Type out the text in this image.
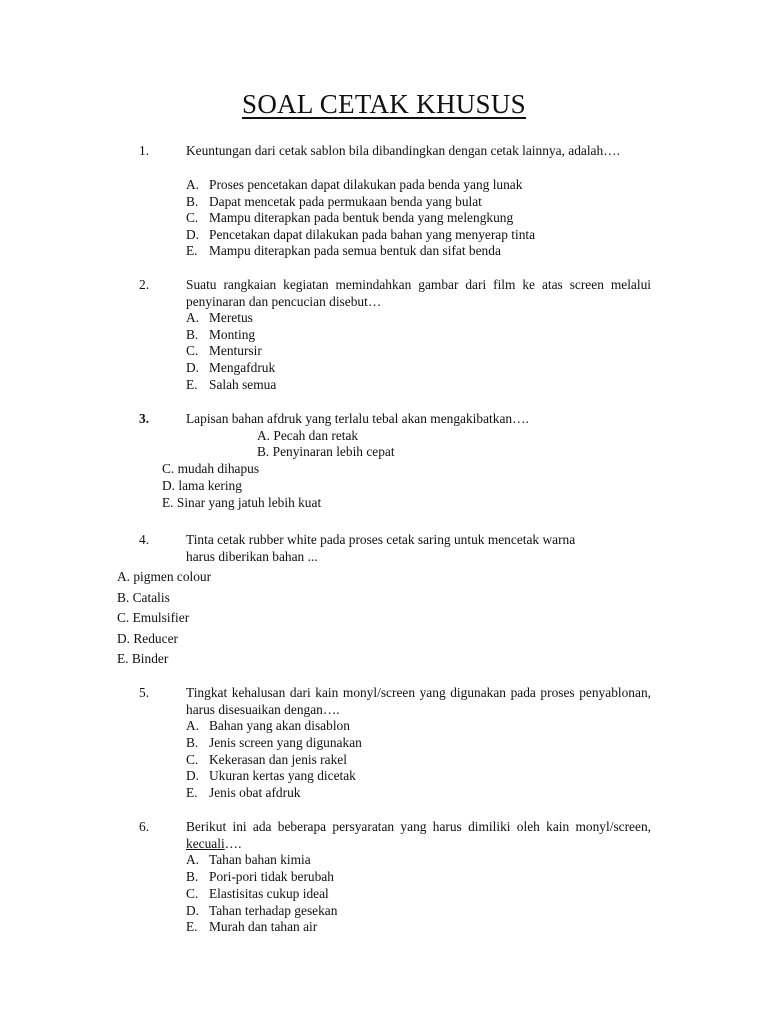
SOAL CETAK KHUSUS
1.	Keuntungan dari cetak sablon bila dibandingkan dengan cetak lainnya, adalah….
A. Proses pencetakan dapat dilakukan pada benda yang lunak
B. Dapat mencetak pada permukaan benda yang bulat
C. Mampu diterapkan pada bentuk benda yang melengkung
D. Pencetakan dapat dilakukan pada bahan yang menyerap tinta
E. Mampu diterapkan pada semua bentuk dan sifat benda
2.	Suatu rangkaian kegiatan memindahkan gambar dari film ke atas screen melalui penyinaran dan pencucian disebut…
A. Meretus
B. Monting
C. Mentursir
D. Mengafdruk
E. Salah semua
3.	Lapisan bahan afdruk yang terlalu tebal akan mengakibatkan….
A. Pecah dan retak
B. Penyinaran lebih cepat
C. mudah dihapus
D. lama kering
E. Sinar yang jatuh lebih kuat
4.	Tinta cetak rubber white pada proses cetak saring untuk mencetak warna
harus diberikan bahan ...
A. pigmen colour
B. Catalis
C. Emulsifier
D. Reducer
E. Binder
5.	Tingkat kehalusan dari kain monyl/screen yang digunakan pada proses penyablonan, harus disesuaikan dengan….
A. Bahan yang akan disablon
B. Jenis screen yang digunakan
C. Kekerasan dan jenis rakel
D. Ukuran kertas yang dicetak
E. Jenis obat afdruk
6.	Berikut ini ada beberapa persyaratan yang harus dimiliki oleh kain monyl/screen, kecuali….
A. Tahan bahan kimia
B. Pori-pori tidak berubah
C. Elastisitas cukup ideal
D. Tahan terhadap gesekan
E. Murah dan tahan air
